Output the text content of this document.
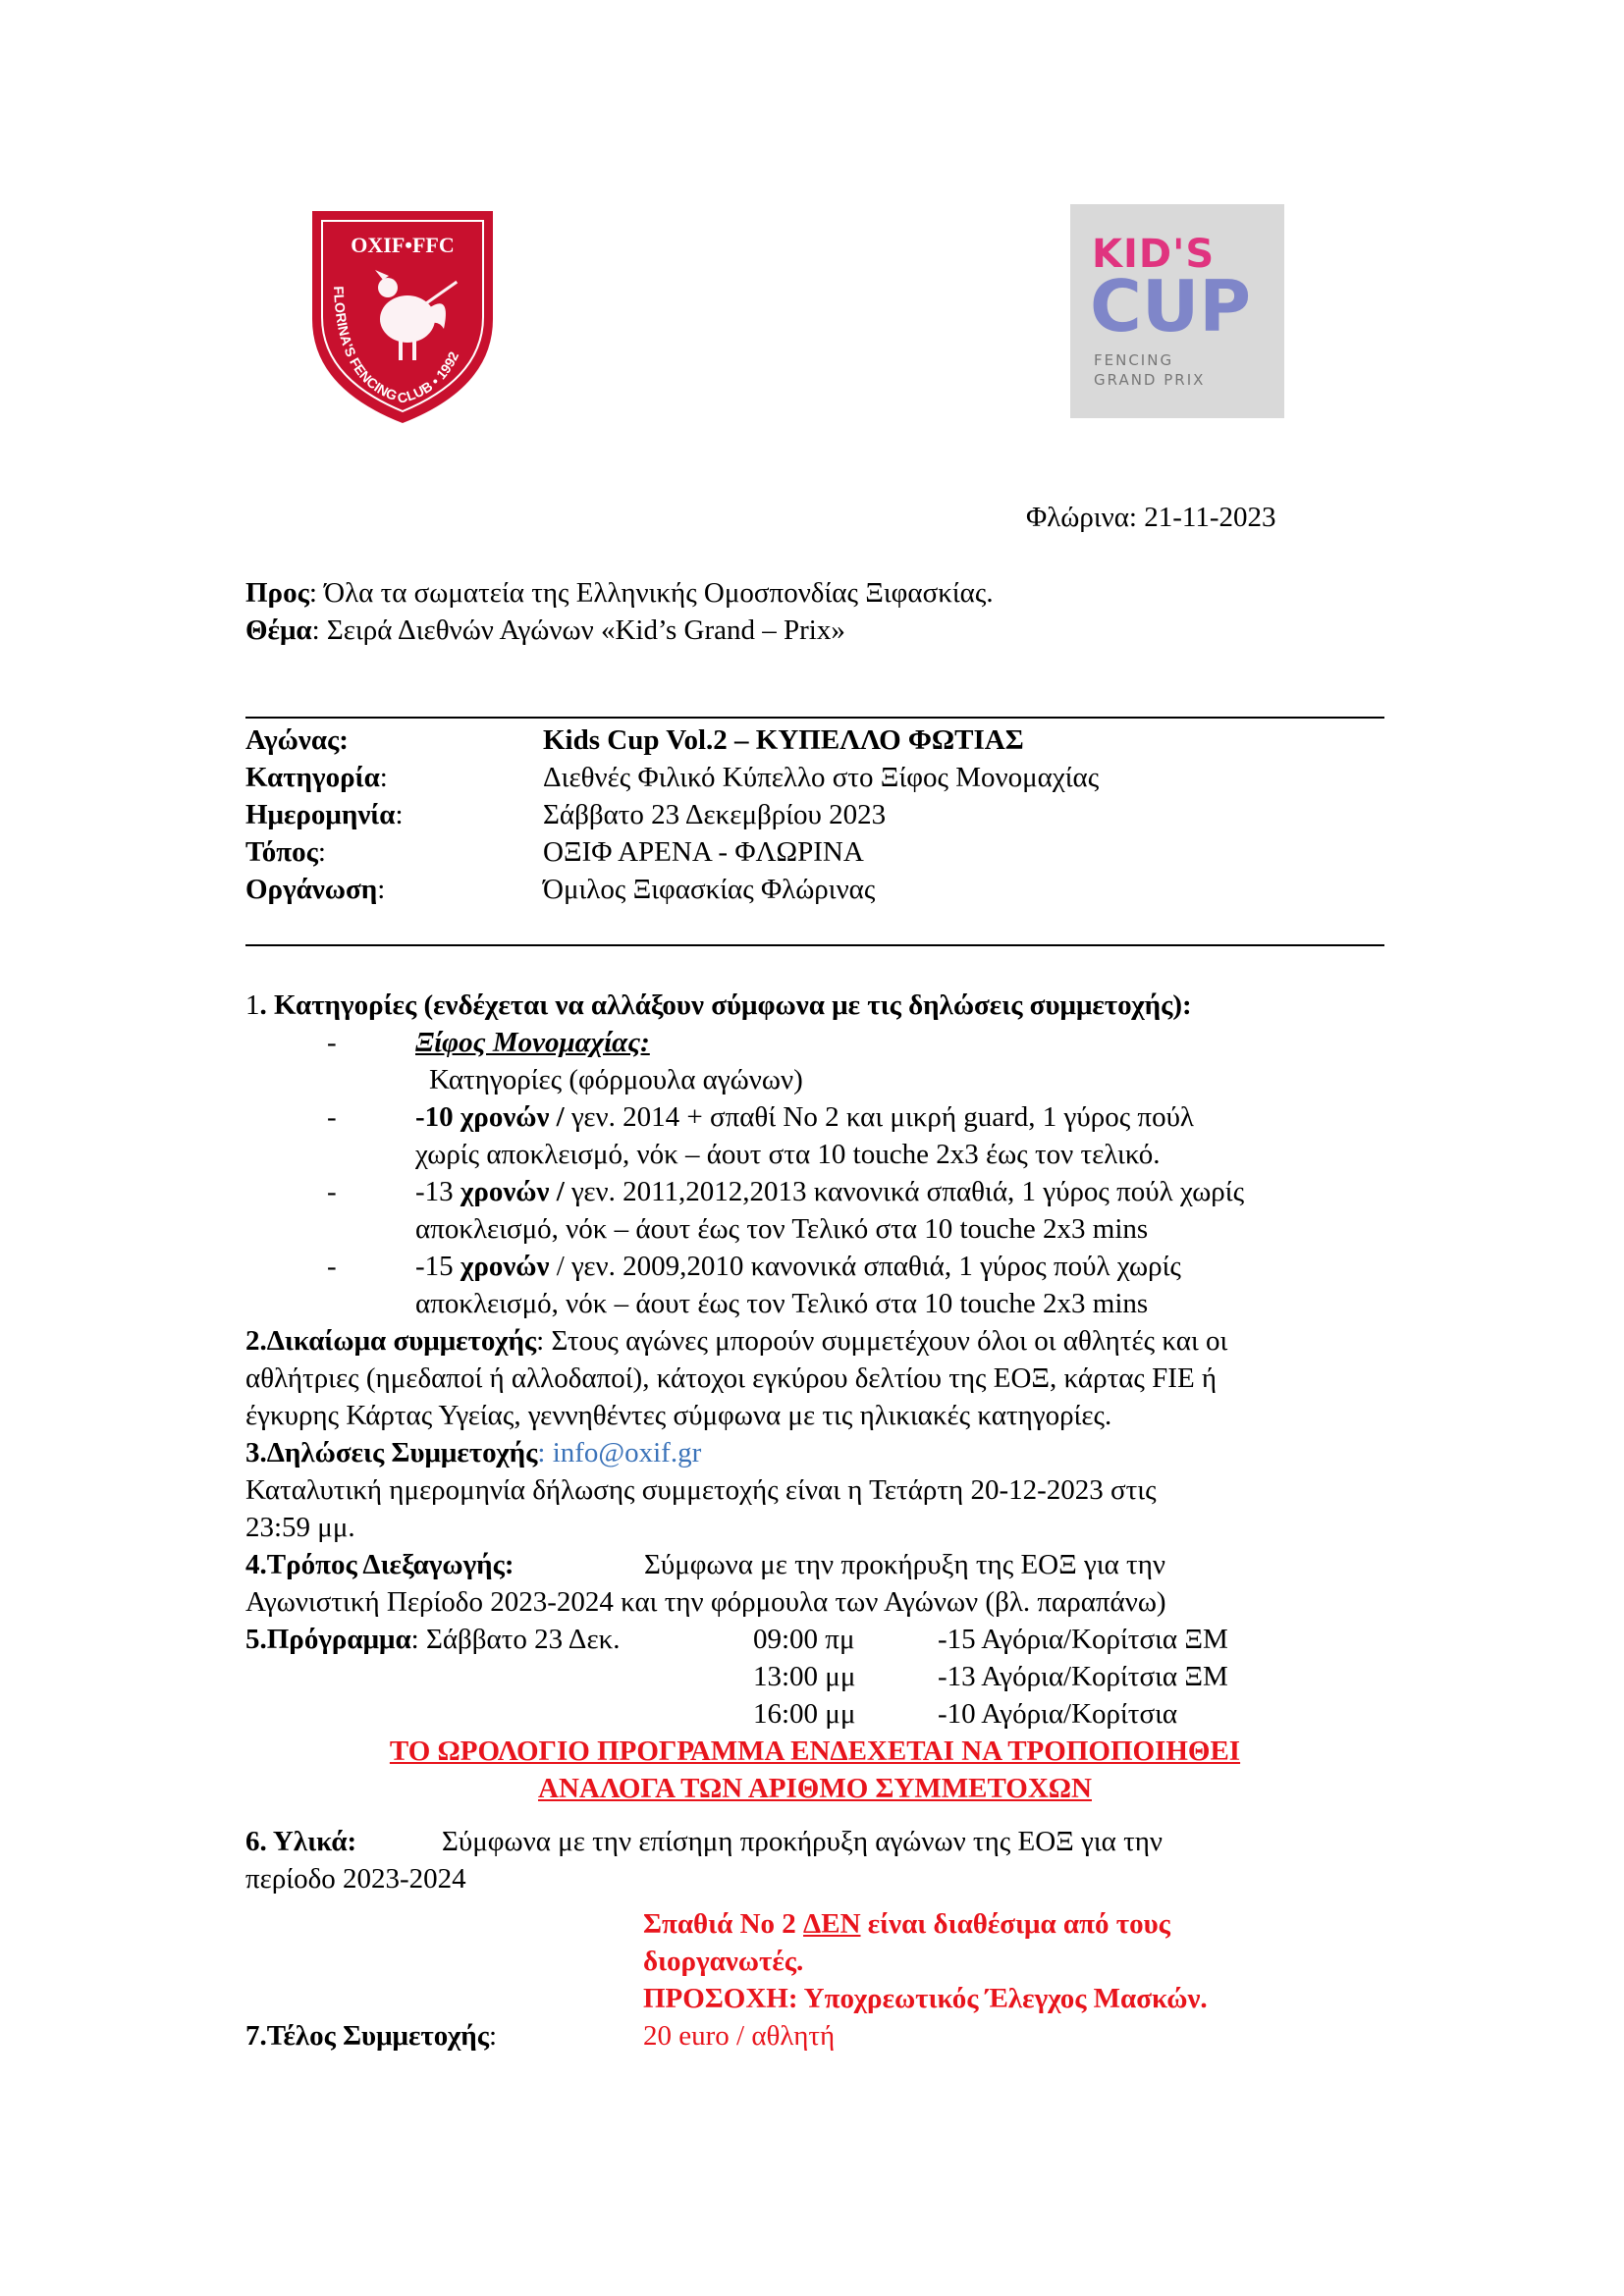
OXIF•FFC
FLORINA'S FENCING CLUB • 1992
KID'S
CUP
FENCING
GRAND PRIX
Φλώρινα: 21-11-2023
Προς: Όλα τα σωματεία της Ελληνικής Ομοσπονδίας Ξιφασκίας.
Θέμα: Σειρά Διεθνών Αγώνων «Kid’s Grand – Prix»
Αγώνας:	Kids Cup Vol.2 – ΚΥΠΕΛΛΟ ΦΩΤΙΑΣ
Κατηγορία:	Διεθνές Φιλικό Κύπελλο στο Ξίφος Μονομαχίας
Ημερομηνία:	Σάββατο 23 Δεκεμβρίου 2023
Τόπος:	ΟΞΙΦ ΑΡΕΝΑ - ΦΛΩΡΙΝΑ
Οργάνωση:	Όμιλος Ξιφασκίας Φλώρινας
1. Κατηγορίες (ενδέχεται να αλλάξουν σύμφωνα με τις δηλώσεις συμμετοχής):
-	Ξίφος Μονομαχίας:
Κατηγορίες (φόρμουλα αγώνων)
-	-10 χρονών / γεν. 2014 + σπαθί No 2 και μικρή guard, 1 γύρος πούλ
χωρίς αποκλεισμό, νόκ – άουτ στα 10 touche 2x3 έως τον τελικό.
-	-13 χρονών / γεν. 2011,2012,2013 κανονικά σπαθιά, 1 γύρος πούλ χωρίς
αποκλεισμό, νόκ – άουτ έως τον Τελικό στα 10 touche 2x3 mins
-	-15 χρονών / γεν. 2009,2010 κανονικά σπαθιά, 1 γύρος πούλ χωρίς
αποκλεισμό, νόκ – άουτ έως τον Τελικό στα 10 touche 2x3 mins
2.Δικαίωμα συμμετοχής: Στους αγώνες μπορούν συμμετέχουν όλοι οι αθλητές και οι
αθλήτριες (ημεδαποί ή αλλοδαποί), κάτοχοι εγκύρου δελτίου της ΕΟΞ, κάρτας FIE ή
έγκυρης Κάρτας Υγείας, γεννηθέντες σύμφωνα με τις ηλικιακές κατηγορίες.
3.Δηλώσεις Συμμετοχής: info@oxif.gr
Καταλυτική ημερομηνία δήλωσης συμμετοχής είναι η Τετάρτη 20-12-2023 στις
23:59 μμ.
4.Τρόπος Διεξαγωγής:	Σύμφωνα με την προκήρυξη της ΕΟΞ για την
Αγωνιστική Περίοδο 2023-2024 και την φόρμουλα των Αγώνων (βλ. παραπάνω)
5.Πρόγραμμα: Σάββατο 23 Δεκ.	09:00 πμ	-15 Αγόρια/Κορίτσια ΞΜ
13:00 μμ	-13 Αγόρια/Κορίτσια ΞΜ
16:00 μμ	-10 Αγόρια/Κορίτσια
ΤΟ ΩΡΟΛΟΓΙΟ ΠΡΟΓΡΑΜΜΑ ΕΝΔΕΧΕΤΑΙ ΝΑ ΤΡΟΠΟΠΟΙΗΘΕΙ
ΑΝΑΛΟΓΑ ΤΩΝ ΑΡΙΘΜΟ ΣΥΜΜΕΤΟΧΩΝ
6. Υλικά:	Σύμφωνα με την επίσημη προκήρυξη αγώνων της ΕΟΞ για την
περίοδο 2023-2024
Σπαθιά No 2 ΔΕΝ είναι διαθέσιμα από τους
διοργανωτές.
ΠΡΟΣΟΧΗ: Υποχρεωτικός Έλεγχος Μασκών.
7.Τέλος Συμμετοχής:	20 euro / αθλητή
